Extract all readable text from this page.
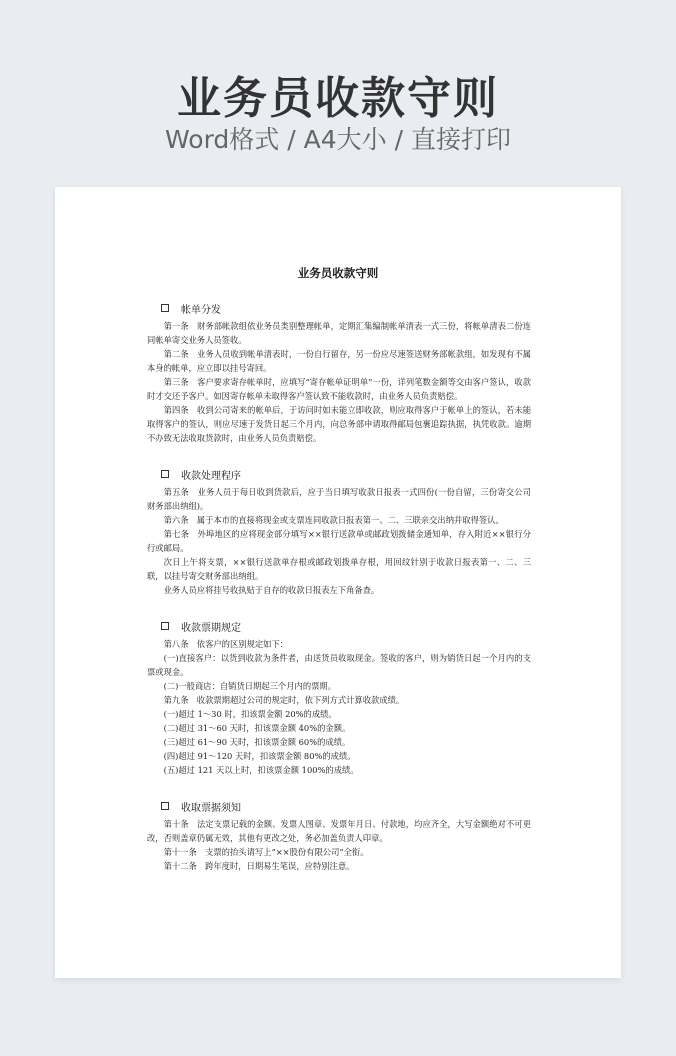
业务员收款守则
Word格式 / A4大小 / 直接打印
业务员收款守则
帐单分发

第一条　财务部帐款组依业务员类别整理帐单，定期汇集编制帐单清表一式三份，将帐单清表二份连同帐单寄交业务人员签收。

第二条　业务人员收到帐单清表时，一份自行留存，另一份应尽速签送财务部帐款组，如发现有不属本身的帐单，应立即以挂号寄回。

第三条　客户要求寄存帐单时，应填写“寄存帐单证明单”一份，详列笔数金额等交由客户签认，收款时才交还予客户。如因寄存帐单未取得客户签认致不能收款时，由业务人员负责赔偿。

第四条　收到公司寄来的帐单后，于访问时如未能立即收款，则应取得客户于帐单上的签认，若未能取得客户的签认，则应尽速于发货日起三个月内，向总务部申请取得邮局包裹追踪执据，执凭收款。逾期不办致无法收取货款时，由业务人员负责赔偿。

收款处理程序

第五条　业务人员于每日收到货款后，应于当日填写收款日报表一式四份(一份自留，三份寄交公司财务部出纳组)。

第六条　属于本市的直接将现金或支票连同收款日报表第一、二、三联亲交出纳并取得签认。

第七条　外埠地区的应将现金部分填写××银行送款单或邮政划拨储金通知单，存入附近××银行分行或邮局。

次日上午将支票，××银行送款单存根或邮政划拨单存根，用回纹针别于收款日报表第一、二、三联，以挂号寄交财务部出纳组。

业务人员应将挂号收执贴于自存的收款日报表左下角备查。

收款票期规定

第八条　依客户的区别规定如下：

(一)直接客户：以货到收款为条件者，由送货员收取现金。签收的客户，则为销货日起一个月内的支票或现金。

(二)一般商店：自销货日期起三个月内的票期。

第九条　收款票期超过公司的规定时，依下列方式计算收款成绩。

(一)超过 1～30 时，扣该票金额 20%的成绩。

(二)超过 31～60 天时，扣该票金额 40%的金额。

(三)超过 61～90 天时，扣该票金额 60%的成绩。

(四)超过 91～120 天时，扣该票金额 80%的成绩。

(五)超过 121 天以上时，扣该票金额 100%的成绩。

收取票据须知

第十条　法定支票记载的金额、发票人图章、发票年月日、付款地，均应齐全，大写金额绝对不可更改，否则盖章仍属无效，其他有更改之处，务必加盖负责人印章。

第十一条　支票的抬头请写上“××股份有限公司”全衔。

第十二条　跨年度时，日期易生笔误，应特别注意。
